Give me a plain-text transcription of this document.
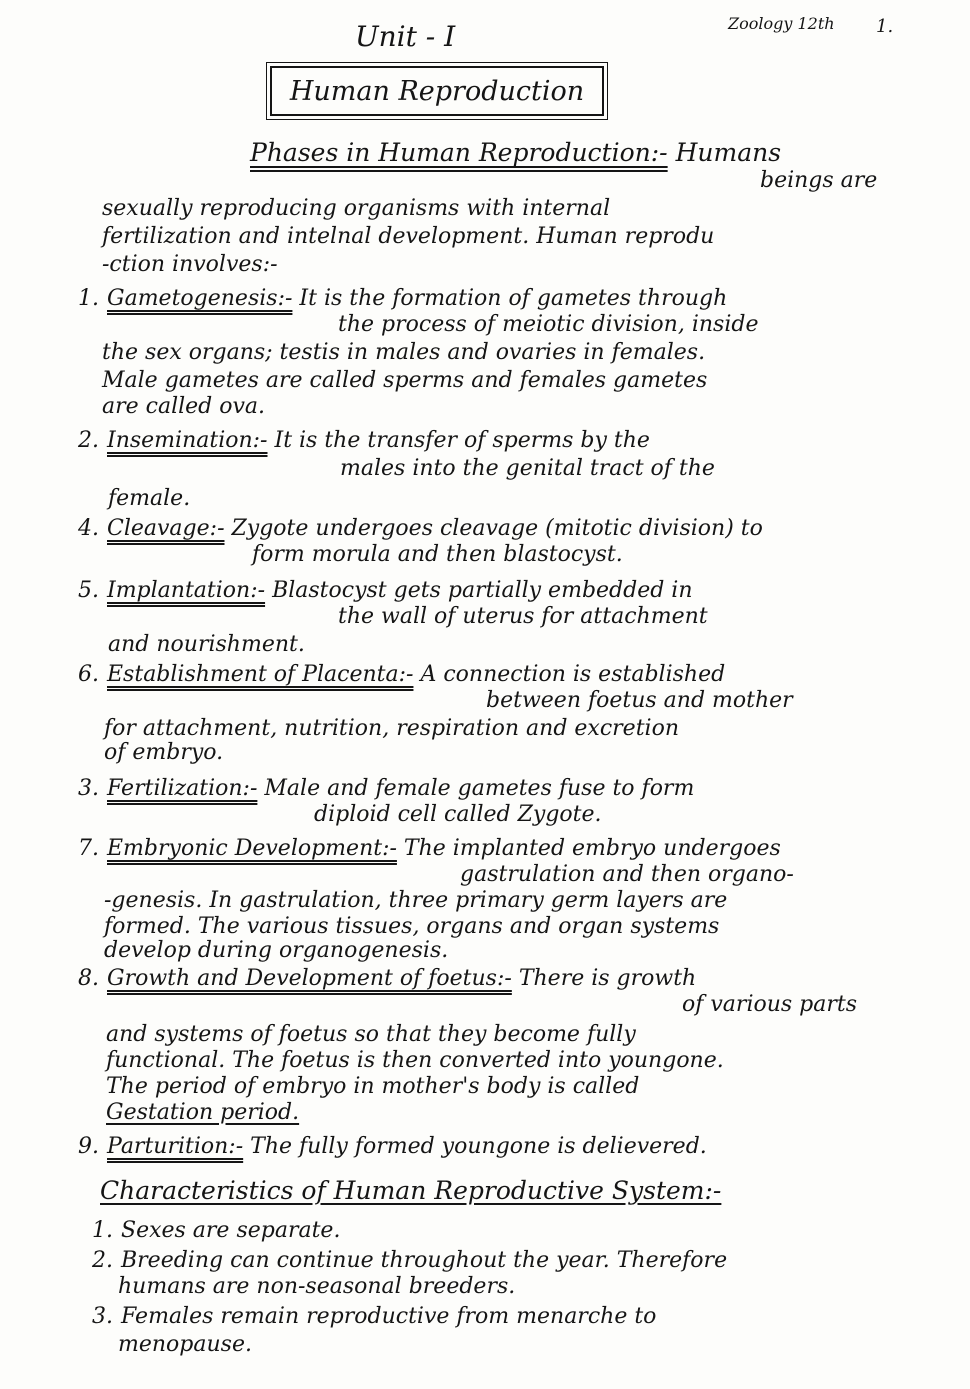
Unit - I	Zoology 12th 1.
Human Reproduction
Phases in Human Reproduction:- Humans
beings are
sexually reproducing organisms with internal
fertilization and intelnal development. Human reprodu
-ction involves:-
1. Gametogenesis:- It is the formation of gametes through
the process of meiotic division, inside
the sex organs; testis in males and ovaries in females.
Male gametes are called sperms and females gametes
are called ova.
2. Insemination:- It is the transfer of sperms by the
males into the genital tract of the
female.
4. Cleavage:- Zygote undergoes cleavage (mitotic division) to
form morula and then blastocyst.
5. Implantation:- Blastocyst gets partially embedded in
the wall of uterus for attachment
and nourishment.
6. Establishment of Placenta:- A connection is established
between foetus and mother
for attachment, nutrition, respiration and excretion
of embryo.
3. Fertilization:- Male and female gametes fuse to form
diploid cell called Zygote.
7. Embryonic Development:- The implanted embryo undergoes
gastrulation and then organo-
-genesis. In gastrulation, three primary germ layers are
formed. The various tissues, organs and organ systems
develop during organogenesis.
8. Growth and Development of foetus:- There is growth
of various parts
and systems of foetus so that they become fully
functional. The foetus is then converted into youngone.
The period of embryo in mother's body is called
Gestation period.
9. Parturition:- The fully formed youngone is delievered.
Characteristics of Human Reproductive System:-
1. Sexes are separate.
2. Breeding can continue throughout the year. Therefore
humans are non-seasonal breeders.
3. Females remain reproductive from menarche to
menopause.
